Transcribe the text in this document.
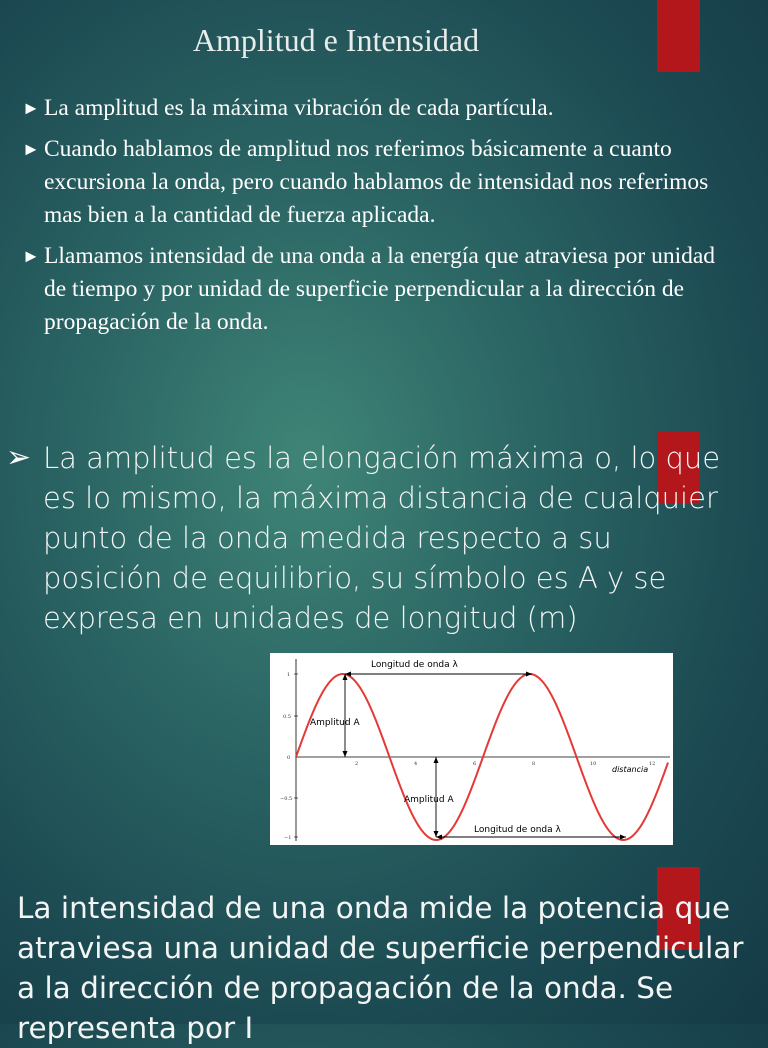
Amplitud e Intensidad
► La amplitud es la máxima vibración de cada partícula.
► Cuando hablamos de amplitud nos referimos básicamente a cuanto excursiona la onda, pero cuando hablamos de intensidad nos referimos mas bien a la cantidad de fuerza aplicada.
► Llamamos intensidad de una onda a la energía que atraviesa por unidad de tiempo y por unidad de superficie perpendicular a la dirección de propagación de la onda.
➢ La amplitud es la elongación máxima o, lo que es lo mismo, la máxima distancia de cualquier punto de la onda medida respecto a su posición de equilibrio, su símbolo es A y se expresa en unidades de longitud (m)
1
0.5
0
−0.5
−1
2	4	6	8	10	12
Longitud de onda λ
Amplitud A
Amplitud A
Longitud de onda λ
distancia
La intensidad de una onda mide la potencia que atraviesa una unidad de superficie perpendicular a la dirección de propagación de la onda. Se representa por I
